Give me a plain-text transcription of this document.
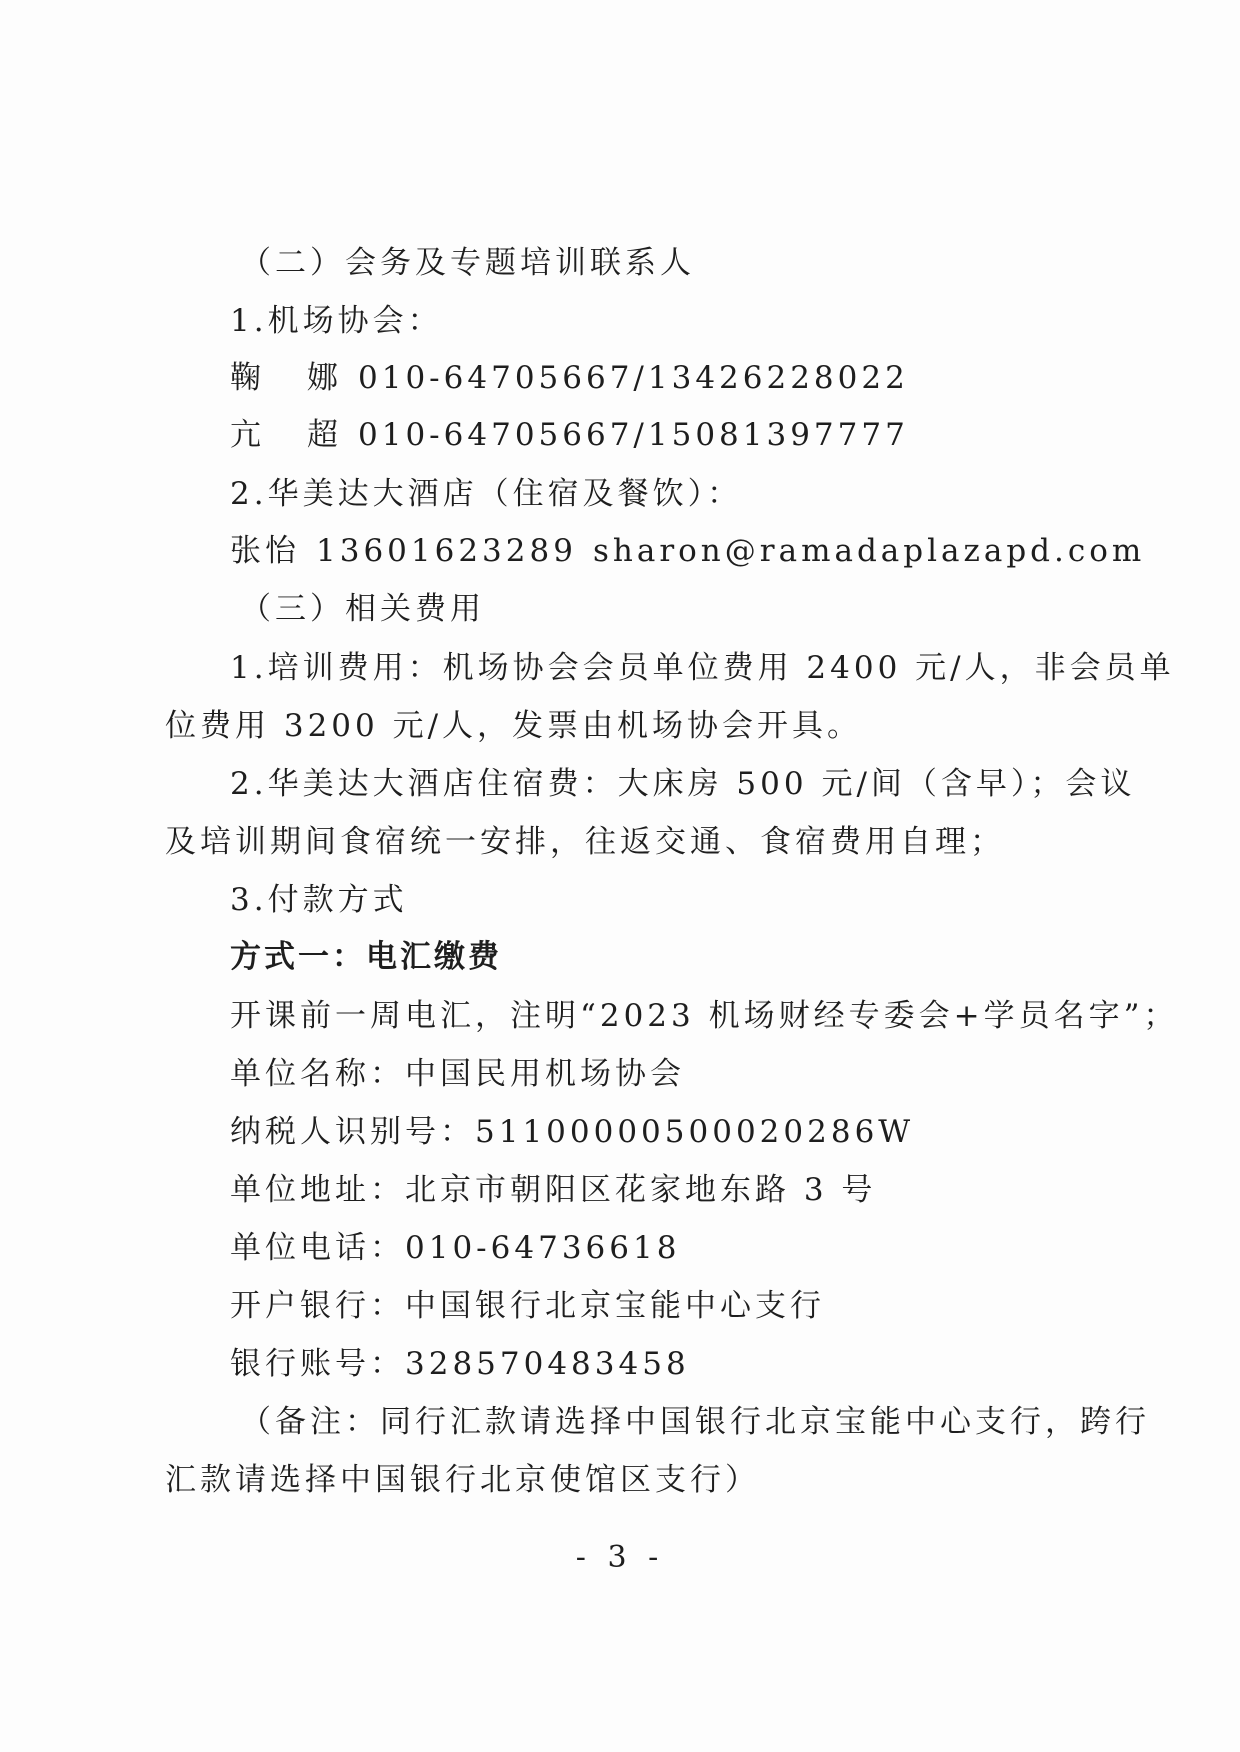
（二）会务及专题培训联系人
1.机场协会：
鞠 娜 010-64705667/13426228022
亢 超 010-64705667/15081397777
2.华美达大酒店（住宿及餐饮）：
张怡 13601623289 sharon@ramadaplazapd.com
（三）相关费用
1.培训费用：机场协会会员单位费用 2400 元/人，非会员单
位费用 3200 元/人，发票由机场协会开具。
2.华美达大酒店住宿费：大床房 500 元/间（含早）；会议
及培训期间食宿统一安排，往返交通、食宿费用自理；
3.付款方式
方式一：电汇缴费
开课前一周电汇，注明“2023 机场财经专委会+学员名字”；
单位名称：中国民用机场协会
纳税人识别号：51100000500020286W
单位地址：北京市朝阳区花家地东路 3 号
单位电话：010-64736618
开户银行：中国银行北京宝能中心支行
银行账号：328570483458
（备注：同行汇款请选择中国银行北京宝能中心支行，跨行
汇款请选择中国银行北京使馆区支行）
- 3 -
